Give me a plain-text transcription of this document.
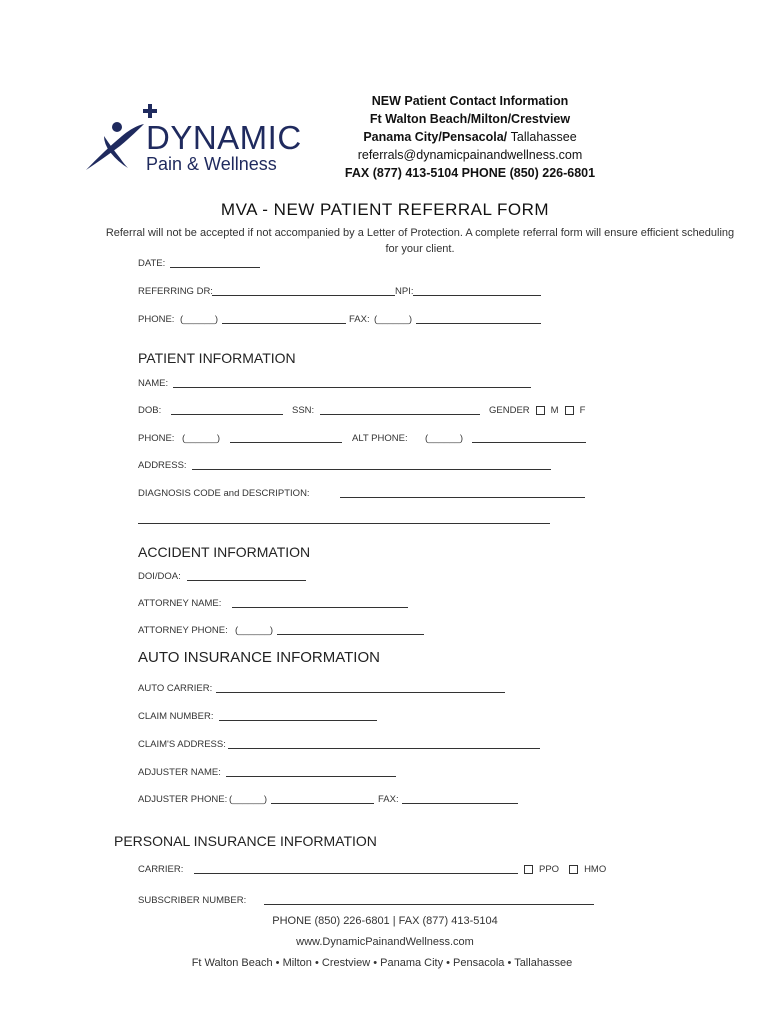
DYNAMIC
Pain & Wellness
NEW Patient Contact Information
Ft Walton Beach/Milton/Crestview
Panama City/Pensacola/ Tallahassee
referrals@dynamicpainandwellness.com
FAX (877) 413-5104 PHONE (850) 226-6801
MVA - NEW PATIENT REFERRAL FORM
Referral will not be accepted if not accompanied by a Letter of Protection. A complete referral form will ensure efficient scheduling for your client.
DATE:
REFERRING DR:	NPI:
PHONE: (______)	FAX: (______)
PATIENT INFORMATION
NAME:
DOB:	SSN:	GENDER M F
PHONE: (______)	ALT PHONE: (______)
ADDRESS:
DIAGNOSIS CODE and DESCRIPTION:
ACCIDENT INFORMATION
DOI/DOA:
ATTORNEY NAME:
ATTORNEY PHONE: (______)
AUTO INSURANCE INFORMATION
AUTO CARRIER:
CLAIM NUMBER:
CLAIM'S ADDRESS:
ADJUSTER NAME:
ADJUSTER PHONE: (______)	FAX:
PERSONAL INSURANCE INFORMATION
CARRIER:	PPO	HMO
SUBSCRIBER NUMBER:
PHONE (850) 226-6801 | FAX (877) 413-5104
www.DynamicPainandWellness.com
Ft Walton Beach • Milton • Crestview • Panama City • Pensacola • Tallahassee
